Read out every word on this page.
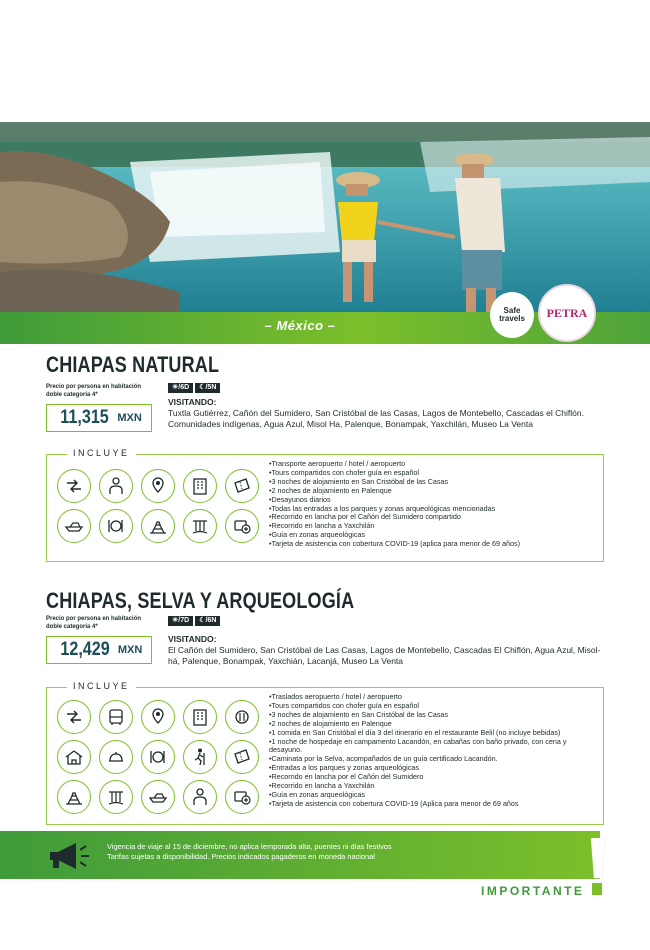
– México –
Safe travels	PETRA
CHIAPAS NATURAL
Precio por persona en habitación doble categoría 4*
11,315 MXN
☀/6D	☾/5N
VISITANDO:
Tuxtla Gutiérrez, Cañón del Sumidero, San Cristóbal de las Casas, Lagos de Montebello, Cascadas el Chiflón. Comunidades indígenas, Agua Azul, Misol Ha, Palenque, Bonampak, Yaxchilán, Museo La Venta
INCLUYE
•Transporte aeropuerto / hotel / aeropuerto
•Tours compartidos con chofer guía en español
•3 noches de alojamiento en San Cristóbal de las Casas
•2 noches de alojamiento en Palenque
•Desayunos diarios
•Todas las entradas a los parques y zonas arqueológicas mencionadas
•Recorrido en lancha por el Cañón del Sumidero compartido
•Recorrido en lancha a Yaxchilán
•Guía en zonas arqueológicas
•Tarjeta de asistencia con cobertura COVID-19 (aplica para menor de 69 años)
CHIAPAS, SELVA Y ARQUEOLOGÍA
Precio por persona en habitación doble categoría 4*
12,429 MXN
☀/7D	☾/6N
VISITANDO:
El Cañón del Sumidero, San Cristóbal de Las Casas, Lagos de Montebello, Cascadas El Chiflón, Agua Azul, Misol-há, Palenque, Bonampak, Yaxchián, Lacanjá, Museo La Venta
INCLUYE
•Traslados aeropuerto / hotel / aeropuerto
•Tours compartidos con chofer guía en español
•3 noches de alojamiento en San Cristóbal de las Casas
•2 noches de alojamiento en Palenque
•1 comida en San Cristóbal el día 3 del itinerario en el restaurante Belil (no incluye bebidas)
•1 noche de hospedaje en campamento Lacandón, en cabañas con baño privado, con cena y desayuno.
•Caminata por la Selva, acompañados de un guía certificado Lacandón.
•Entradas a los parques y zonas arqueológicas
•Recorrido en lancha por el Cañón del Sumidero
•Recorrido en lancha a Yaxchilán
•Guía en zonas arqueológicas
•Tarjeta de asistencia con cobertura COVID-19 (Aplica para menor de 69 años
Vigencia de viaje al 15 de diciembre, no aplica temporada alta, puentes ni días festivos
Tarifas sujetas a disponibilidad. Precios indicados pagaderos en moneda nacional
IMPORTANTE
